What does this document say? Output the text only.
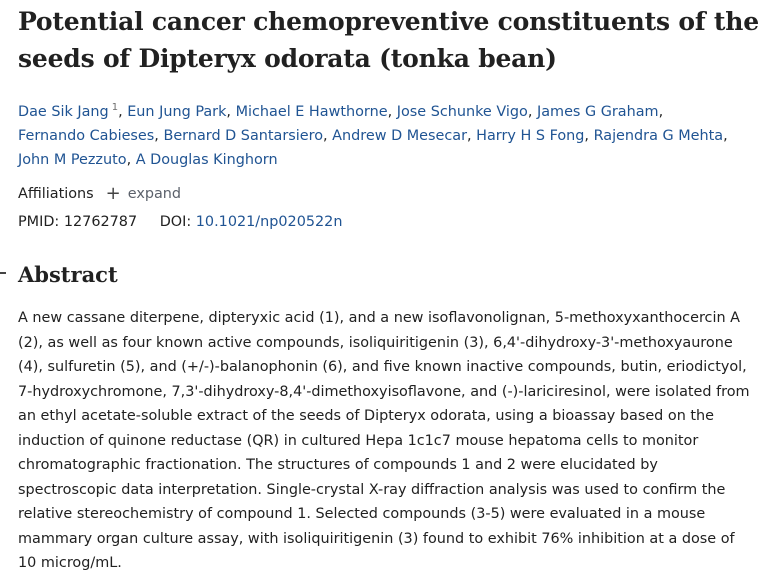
Potential cancer chemopreventive constituents of the seeds of Dipteryx odorata (tonka bean)
Dae Sik Jang $^1$, Eun Jung Park, Michael E Hawthorne, Jose Schunke Vigo, James G Graham,
Fernando Cabieses, Bernard D Santarsiero, Andrew D Mesecar, Harry H S Fong, Rajendra G Mehta,
John M Pezzuto, A Douglas Kinghorn
Affiliations + expand
PMID: 12762787 DOI: 10.1021/np020522n
Abstract

A new cassane diterpene, dipteryxic acid (1), and a new isoflavonolignan, 5-methoxyxanthocercin A (2), as well as four known active compounds, isoliquiritigenin (3), 6,4'-dihydroxy-3'-methoxyaurone (4), sulfuretin (5), and (+/-)-balanophonin (6), and five known inactive compounds, butin, eriodictyol, 7-hydroxychromone, 7,3'-dihydroxy-8,4'-dimethoxyisoflavone, and (-)-lariciresinol, were isolated from an ethyl acetate-soluble extract of the seeds of Dipteryx odorata, using a bioassay based on the induction of quinone reductase (QR) in cultured Hepa 1c1c7 mouse hepatoma cells to monitor chromatographic fractionation. The structures of compounds 1 and 2 were elucidated by spectroscopic data interpretation. Single-crystal X-ray diffraction analysis was used to confirm the relative stereochemistry of compound 1. Selected compounds (3-5) were evaluated in a mouse mammary organ culture assay, with isoliquiritigenin (3) found to exhibit 76% inhibition at a dose of 10 microg/mL.
